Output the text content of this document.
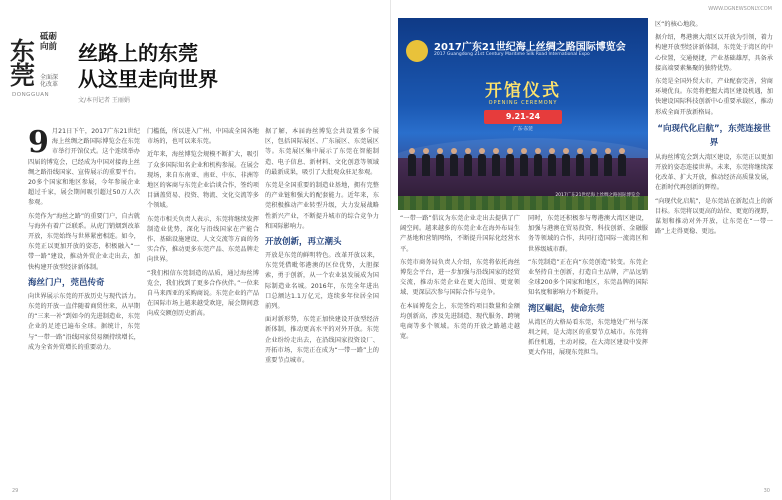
WWW.DGNEWSONLY.COM
东
莞
砥砺向前
全面深化改革
DONGGUAN
丝路上的东莞
从这里走向世界
文/本刊记者 王丽娟
9 月21日下午，2017广东21世纪海上丝绸之路国际博览会在东莞市举行开馆仪式。这个连续举办四届的博览会，已经成为中国对接海上丝绸之路沿线国家、宣传展示的重要平台。20多个国家和地区参展，今年参展企业超过千家，展会期间吸引超过50万人次参观。

东莞作为“海丝之路”的重要门户，自古就与海外有着广泛联系。从虎门销烟到改革开放，东莞始终与世界紧密相连。如今，东莞正以更加开放的姿态，积极融入“一带一路”建设，推动外贸企业走出去，加快构建开放型经济新体制。

海丝门户，莞邑传奇

向世界展示东莞的开放历史与现代活力。东莞的开放一直伴随着商贸往来，从早期的“三来一补”到如今的先进制造业，东莞企业的足迹已遍布全球。据统计，东莞与“一带一路”沿线国家贸易额持续增长，成为全省外贸增长的重要动力。

门槛低，所以进入广州、中国或全国各地市场的，也可以来东莞。

近年来，海丝博览会规模不断扩大，吸引了众多国际知名企业和机构参展。在展会现场，来自东南亚、南亚、中东、非洲等地区的客商与东莞企业洽谈合作，签约项目涵盖贸易、投资、物流、文化交流等多个领域。

东莞市相关负责人表示，东莞将继续发挥制造业优势，深化与沿线国家在产能合作、基础设施建设、人文交流等方面的务实合作，推动更多东莞产品、东莞品牌走向世界。

“我们相信东莞制造的品质，通过海丝博览会，我们找到了更多合作伙伴。”一位来自马来西亚的采购商说。东莞企业的产品在国际市场上越来越受欢迎，展会期间意向成交额创历史新高。

据了解，本届海丝博览会共设置多个展区，包括国际展区、广东展区、东莞展区等。东莞展区集中展示了东莞在智能制造、电子信息、新材料、文化创意等领域的最新成果，吸引了大批观众驻足参观。

东莞是全国重要的制造业基地，拥有完整的产业链和强大的配套能力。近年来，东莞积极推动产业转型升级，大力发展战略性新兴产业，不断提升城市的综合竞争力和国际影响力。

开放创新，再立潮头

开放是东莞的鲜明特色。改革开放以来，东莞凭借毗邻港澳的区位优势，大胆探索，勇于创新，从一个农业县发展成为国际制造业名城。2016年，东莞全年进出口总额达1.1万亿元，连续多年位居全国前列。

面对新形势，东莞正加快建设开放型经济新体制，推动更高水平的对外开放。东莞企业纷纷走出去，在沿线国家投资设厂、开拓市场，东莞正在成为“一带一路”上的重要节点城市。

2017广东21世纪海上丝绸之路国际博览会
2017 Guangdong 21st Century Maritime Silk Road International Expo
开馆仪式
OPENING CEREMONY
9.21-24
广东·东莞
2017广东21世纪海上丝绸之路国际博览会

“一带一路”倡议为东莞企业走出去提供了广阔空间。越来越多的东莞企业在海外布局生产基地和营销网络，不断提升国际化经营水平。

东莞市商务局负责人介绍，东莞将依托海丝博览会平台，进一步加强与沿线国家的经贸交流，推动东莞企业在更大范围、更宽领域、更深层次参与国际合作与竞争。

在本届博览会上，东莞签约项目数量和金额均创新高，涉及先进制造、现代服务、跨境电商等多个领域。东莞的开放之路越走越宽。

同时，东莞还积极参与粤港澳大湾区建设，加强与港澳在贸易投资、科技创新、金融服务等领域的合作，共同打造国际一流湾区和世界级城市群。

“东莞制造”正在向“东莞创造”转变。东莞企业坚持自主创新，打造自主品牌，产品远销全球200多个国家和地区，东莞品牌的国际知名度和影响力不断提升。

湾区崛起，使命东莞

从湾区的大格局看东莞，东莞地处广州与深圳之间，是大湾区的重要节点城市。东莞将抓住机遇，主动对接，在大湾区建设中发挥更大作用，展现东莞担当。

区“的核心地段。

据介绍，粤港澳大湾区以开放为引领，着力构建开放型经济新体制，东莞处于湾区的中心位置，交通便捷，产业基础雄厚，具备承接高端要素集聚的独特优势。

东莞是全国外贸大市，产业配套完善，营商环境优良。东莞将把握大湾区建设机遇，加快建设国际科技创新中心重要承载区，推动形成全面开放新格局。

“向现代化启航”，东莞连接世界

从海丝博览会到大湾区建设，东莞正以更加开放的姿态连接世界。未来，东莞将继续深化改革、扩大开放，推动经济高质量发展，在新时代再创新的辉煌。

“向现代化启航”，是东莞站在新起点上的新目标。东莞将以更高的站位、更宽的视野，谋划和推动对外开放，让东莞在“一带一路”上走得更稳、更远。

29	30
